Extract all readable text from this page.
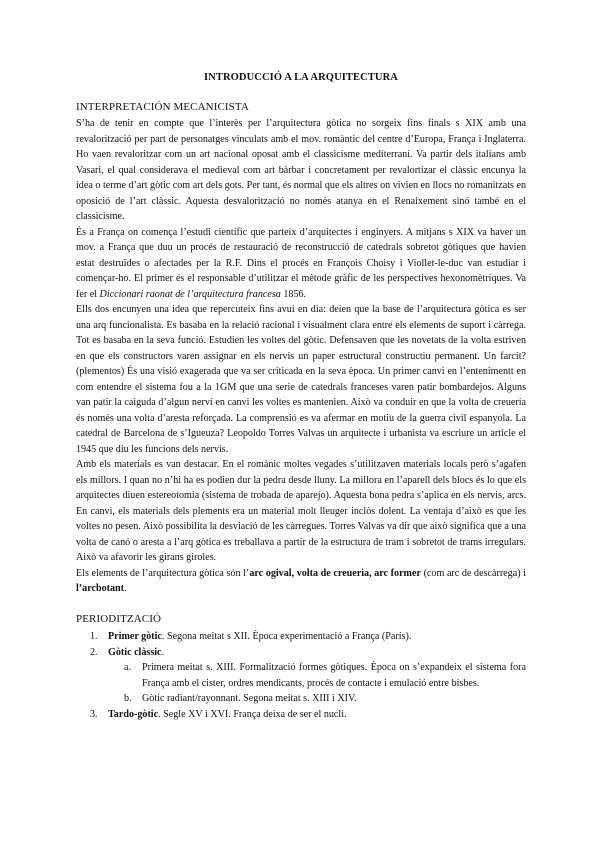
INTRODUCCIÓ A LA ARQUITECTURA
INTERPRETACIÓN MECANICISTA

S’ha de tenir en compte que l’interès per l’arquitectura gòtica no sorgeix fins finals s XIX amb una revalorització per part de personatges vinculats amb el mov. romàntic del centre d’Europa, França i Inglaterra. Ho vaen revaloritzar com un art nacional oposat amb el classicisme mediterrani. Va partir dels italians amb Vasari, el qual considerava el medieval com art bàrbar i concretament per revalortizar el clàssic encunya la idea o terme d’art gòtic com art dels gots. Per tant, és normal que els altres on vivien en llocs no romanitzats en oposició de l’art clàssic. Aquesta desvalorització no només atanya en el Renaixement sinó també en el classicisme.

És a França on comença l’estudi científic que parteix d’arquitectes i enginyers. A mitjans s XIX va haver un mov. a França que duu un procés de restauració de reconstrucció de catedrals sobretot gòtiques que havien estat destruïdes o afectades per la R.F. Dins el procés en François Choisy i Viollet-le-duc van estudiar i començar-ho. El primer és el responsable d’utilitzar el mètode gràfic de les perspectives hexonomètriques. Va fer el Diccionari raonat de l’arquitectura francesa 1856.

Ells dos encunyen una idea que repercuteix fins avui en dia: deien que la base de l’arquitectura gòtica es ser una arq funcionalista. Es basaba en la relació racional i visualment clara entre els elements de suport i càrrega. Tot es basaba en la seva funció. Estudien les voltes del gòtic. Defensaven que les novetats de la volta estriven en que els constructors varen assignar en els nervis un paper estructural constructiu permanent. Un farcit?(plementos) És una visió exagerada que va ser criticada en la seva època. Un primer canvi en l’entenimentt en com entendre el sistema fou a la 1GM que una serie de catedrals franceses varen patir bombardejos. Alguns van patir la caiguda d’algun nervi en canvi les voltes es mantenien. Això va conduir en que la volta de creueria és només una volta d’aresta reforçada. La comprensió es va afermar en motiu de la guerra civil espanyola. La catedral de Barcelona de s’Igueuza? Leopoldo Torres Valvas un arquitecte i urbanista va escriure un article el 1945 que diu les funcions dels nervis.

Amb els materials es van destacar. En el romànic moltes vegades s’utilitzaven materials locals però s’agafen els millors. I quan no n’hi ha es podien dur la pedra desde lluny. La millora en l’aparell dels blocs és lo que els arquitectes diuen estereotomia (sistema de trobada de aparejo). Aquesta bona pedra s’aplica en els nervis, arcs. En canvi, els materials dels plements era un material molt lleuger inclòs dolent. La ventaja d’això es que les voltes no pesen. Això possibilita la desviació de les càrregues. Torres Valvas va dir que això significa que a una volta de canó o aresta a l’arq gòtica es treballava a partir de la estructura de tram i sobretot de trams irregulars. Això va afavorir les girans giroles.

Els elements de l’arquitectura gòtica són l’arc ogival, volta de creueria, arc former (com arc de descàrrega) i l’arcbotant.

PERIODITZACIÓ
1. Primer gòtic. Segona meitat s XII. Època experimentació a França (París).
2. Gòtic clàssic.
a. Primera meitat s. XIII. Formalització formes gòtiques. Època on s’expandeix el sistema fora França amb el cister, ordres mendicants, procés de contacte i emulació entre bisbes.
b. Gòtic radiant/rayonnant. Segona meitat s. XIII i XIV.
3. Tardo-gòtic. Segle XV i XVI. França deixa de ser el nucli.
